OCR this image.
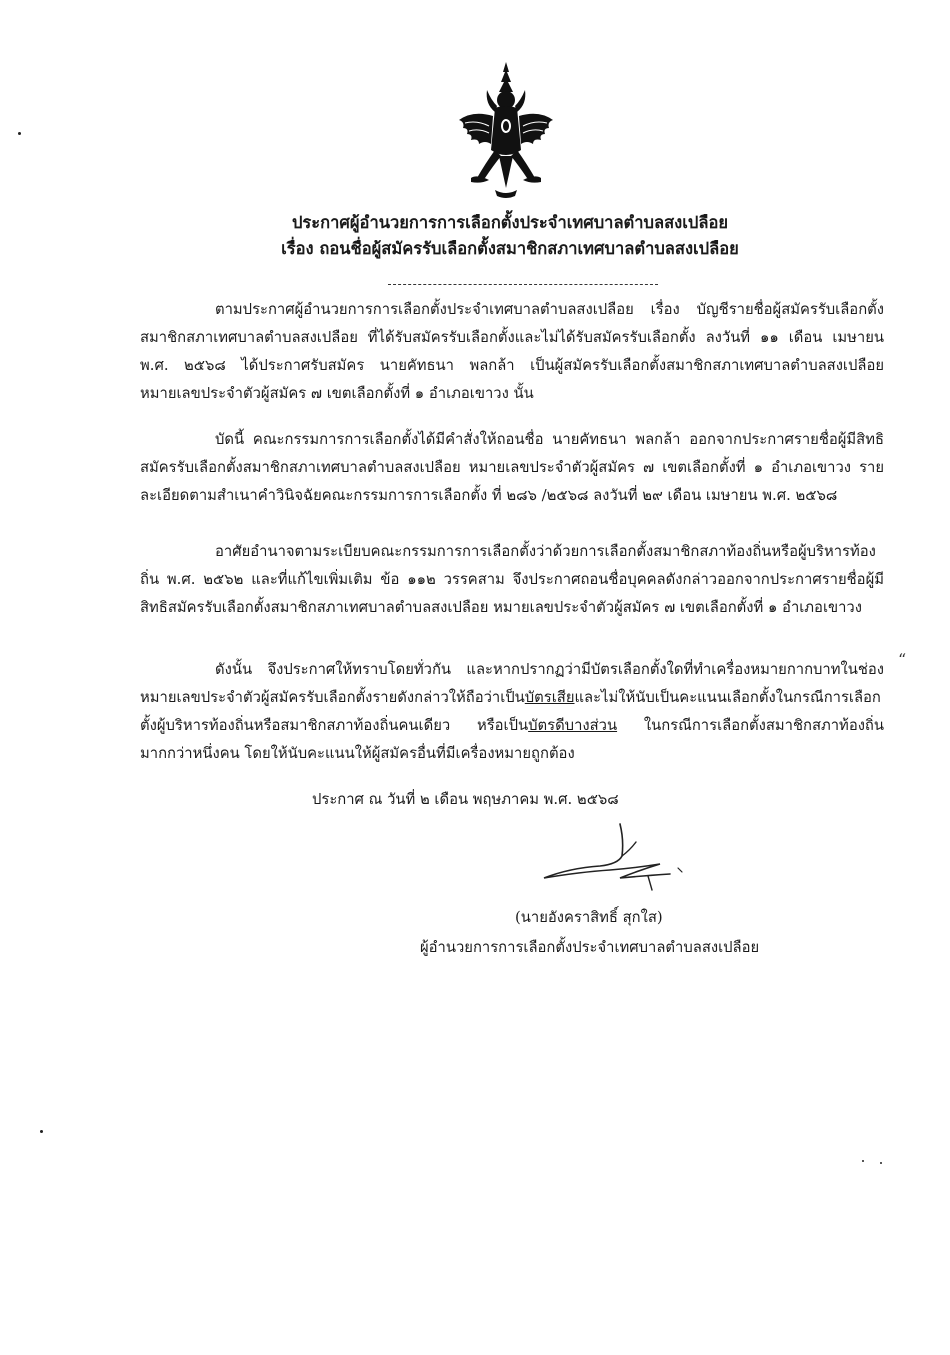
ประกาศผู้อำนวยการการเลือกตั้งประจำเทศบาลตำบลสงเปลือย
เรื่อง ถอนชื่อผู้สมัครรับเลือกตั้งสมาชิกสภาเทศบาลตำบลสงเปลือย

ตามประกาศผู้อำนวยการการเลือกตั้งประจำเทศบาลตำบลสงเปลือย เรื่อง บัญชีรายชื่อผู้สมัครรับเลือกตั้งสมาชิกสภาเทศบาลตำบลสงเปลือย ที่ได้รับสมัครรับเลือกตั้งและไม่ได้รับสมัครรับเลือกตั้ง ลงวันที่ ๑๑ เดือน เมษายน พ.ศ. ๒๕๖๘ ได้ประกาศรับสมัคร นายคัทธนา พลกล้า เป็นผู้สมัครรับเลือกตั้งสมาชิกสภาเทศบาลตำบลสงเปลือย หมายเลขประจำตัวผู้สมัคร ๗ เขตเลือกตั้งที่ ๑ อำเภอเขาวง นั้น

บัดนี้ คณะกรรมการการเลือกตั้งได้มีคำสั่งให้ถอนชื่อ นายคัทธนา พลกล้า ออกจากประกาศรายชื่อผู้มีสิทธิสมัครรับเลือกตั้งสมาชิกสภาเทศบาลตำบลสงเปลือย หมายเลขประจำตัวผู้สมัคร ๗ เขตเลือกตั้งที่ ๑ อำเภอเขาวง รายละเอียดตามสำเนาคำวินิจฉัยคณะกรรมการการเลือกตั้ง ที่ ๒๘๖ /๒๕๖๘ ลงวันที่ ๒๙ เดือน เมษายน พ.ศ. ๒๕๖๘

อาศัยอำนาจตามระเบียบคณะกรรมการการเลือกตั้งว่าด้วยการเลือกตั้งสมาชิกสภาท้องถิ่นหรือผู้บริหารท้องถิ่น พ.ศ. ๒๕๖๒ และที่แก้ไขเพิ่มเติม ข้อ ๑๑๒ วรรคสาม จึงประกาศถอนชื่อบุคคลดังกล่าวออกจากประกาศรายชื่อผู้มีสิทธิสมัครรับเลือกตั้งสมาชิกสภาเทศบาลตำบลสงเปลือย หมายเลขประจำตัวผู้สมัคร ๗ เขตเลือกตั้งที่ ๑ อำเภอเขาวง

ดังนั้น จึงประกาศให้ทราบโดยทั่วกัน และหากปรากฏว่ามีบัตรเลือกตั้งใดที่ทำเครื่องหมายกากบาทในช่องหมายเลขประจำตัวผู้สมัครรับเลือกตั้งรายดังกล่าวให้ถือว่าเป็นบัตรเสียและไม่ให้นับเป็นคะแนนเลือกตั้งในกรณีการเลือกตั้งผู้บริหารท้องถิ่นหรือสมาชิกสภาท้องถิ่นคนเดียว หรือเป็นบัตรดีบางส่วน ในกรณีการเลือกตั้งสมาชิกสภาท้องถิ่นมากกว่าหนึ่งคน โดยให้นับคะแนนให้ผู้สมัครอื่นที่มีเครื่องหมายถูกต้อง

“
ประกาศ ณ วันที่ ๒ เดือน พฤษภาคม พ.ศ. ๒๕๖๘
(นายอังคราสิทธิ์ สุกใส)
ผู้อำนวยการการเลือกตั้งประจำเทศบาลตำบลสงเปลือย
